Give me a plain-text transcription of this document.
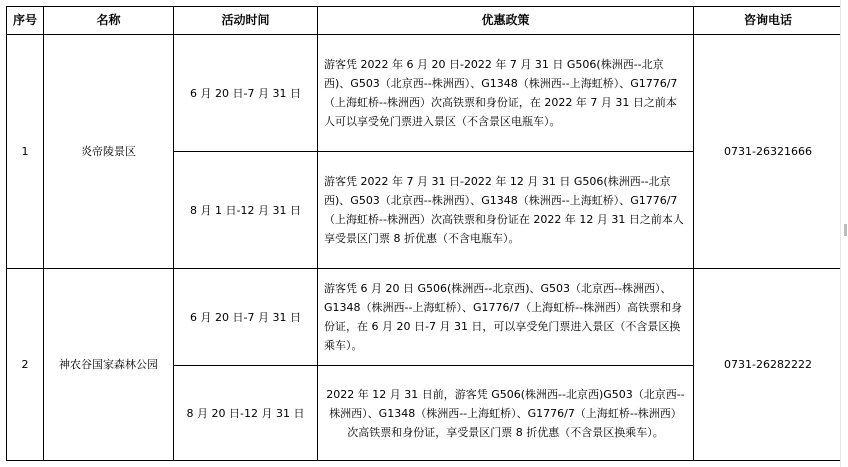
序号	名称	活动时间	优惠政策	咨询电话
1	炎帝陵景区	6 月 20 日-7 月 31 日	游客凭 2022 年 6 月 20 日-2022 年 7 月 31 日 G506(株洲西--北京西)、G503（北京西--株洲西）、G1348（株洲西--上海虹桥）、G1776/7（上海虹桥--株洲西）次高铁票和身份证，在 2022 年 7 月 31 日之前本人可以享受免门票进入景区（不含景区电瓶车）。	0731-26321666
		8 月 1 日-12 月 31 日	游客凭 2022 年 7 月 31 日-2022 年 12 月 31 日 G506(株洲西--北京西)、G503（北京西--株洲西）、G1348（株洲西--上海虹桥）、G1776/7（上海虹桥--株洲西）次高铁票和身份证在 2022 年 12 月 31 日之前本人享受景区门票 8 折优惠（不含电瓶车）。	
2	神农谷国家森林公园	6 月 20 日-7 月 31 日	游客凭 6 月 20 日 G506(株洲西--北京西)、G503（北京西--株洲西）、G1348（株洲西--上海虹桥）、G1776/7（上海虹桥--株洲西）高铁票和身份证，在 6 月 20 日-7 月 31 日，可以享受免门票进入景区（不含景区换乘车）。	0731-26282222
		8 月 20 日-12 月 31 日	2022 年 12 月 31 日前，游客凭 G506(株洲西--北京西)G503（北京西--株洲西）、G1348（株洲西--上海虹桥）、G1776/7（上海虹桥--株洲西）次高铁票和身份证，享受景区门票 8 折优惠（不含景区换乘车）。	
